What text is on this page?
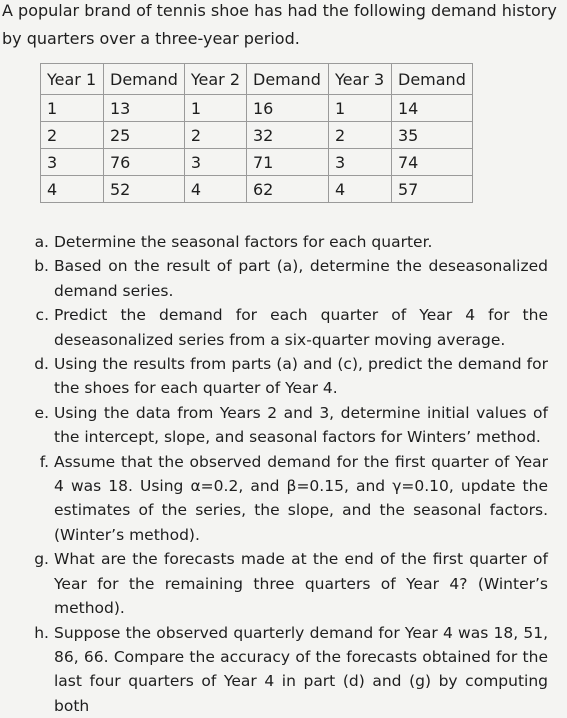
A popular brand of tennis shoe has had the following demand history by quarters over a three-year period.
Year 1	Demand	Year 2	Demand	Year 3	Demand
1	13	1	16	1	14
2	25	2	32	2	35
3	76	3	71	3	74
4	52	4	62	4	57
a. Determine the seasonal factors for each quarter.
b. Based on the result of part (a), determine the deseasonalized demand series.
c. Predict the demand for each quarter of Year 4 for the deseasonalized series from a six-quarter moving average.
d. Using the results from parts (a) and (c), predict the demand for the shoes for each quarter of Year 4.
e. Using the data from Years 2 and 3, determine initial values of the intercept, slope, and seasonal factors for Winters’ method.
f. Assume that the observed demand for the first quarter of Year 4 was 18. Using α=0.2, and β=0.15, and γ=0.10, update the estimates of the series, the slope, and the seasonal factors. (Winter’s method).
g. What are the forecasts made at the end of the first quarter of Year for the remaining three quarters of Year 4? (Winter’s method).
h. Suppose the observed quarterly demand for Year 4 was 18, 51, 86, 66. Compare the accuracy of the forecasts obtained for the last four quarters of Year 4 in part (d) and (g) by computing both
